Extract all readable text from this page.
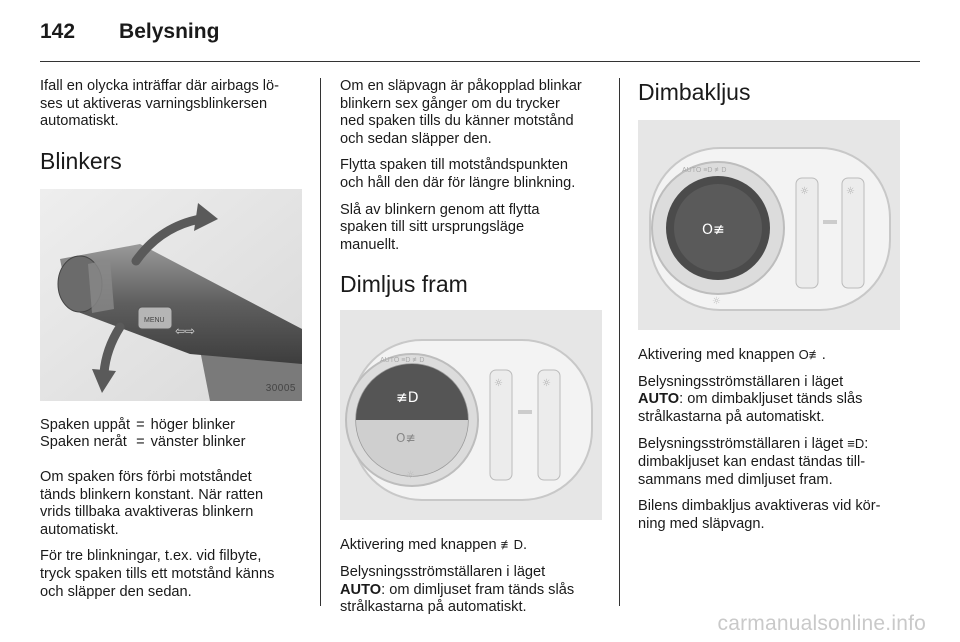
142 Belysning

Ifall en olycka inträffar där airbags lö-
ses ut aktiveras varningsblinkersen
automatiskt.

Blinkers
MENU
⇦⇨
30005
Spaken uppåt	=	höger blinker
Spaken neråt	=	vänster blinker

Om spaken förs förbi motståndet
tänds blinkern konstant. När ratten
vrids tillbaka avaktiveras blinkern
automatiskt.

För tre blinkningar, t.ex. vid filbyte,
tryck spaken tills ett motstånd känns
och släpper den sedan.

Om en släpvagn är påkopplad blinkar
blinkern sex gånger om du trycker
ned spaken tills du känner motstånd
och sedan släpper den.

Flytta spaken till motståndspunkten
och håll den där för längre blinkning.

Slå av blinkern genom att flytta
spaken till sitt ursprungsläge
manuellt.

Dimljus fram
≢D
O≢
AUTO ≡D ≢D
☼
☼	☼

Aktivering med knappen ≢D.

Belysningsströmställaren i läget
AUTO: om dimljuset fram tänds slås
strålkastarna på automatiskt.

Dimbakljus
O≢
AUTO ≡D ≢D
☼
☼	☼

Aktivering med knappen O≢.

Belysningsströmställaren i läget
AUTO: om dimbakljuset tänds slås
strålkastarna på automatiskt.

Belysningsströmställaren i läget ≡D:
dimbakljuset kan endast tändas till-
sammans med dimljuset fram.

Bilens dimbakljus avaktiveras vid kör-
ning med släpvagn.

carmanualsonline.info
